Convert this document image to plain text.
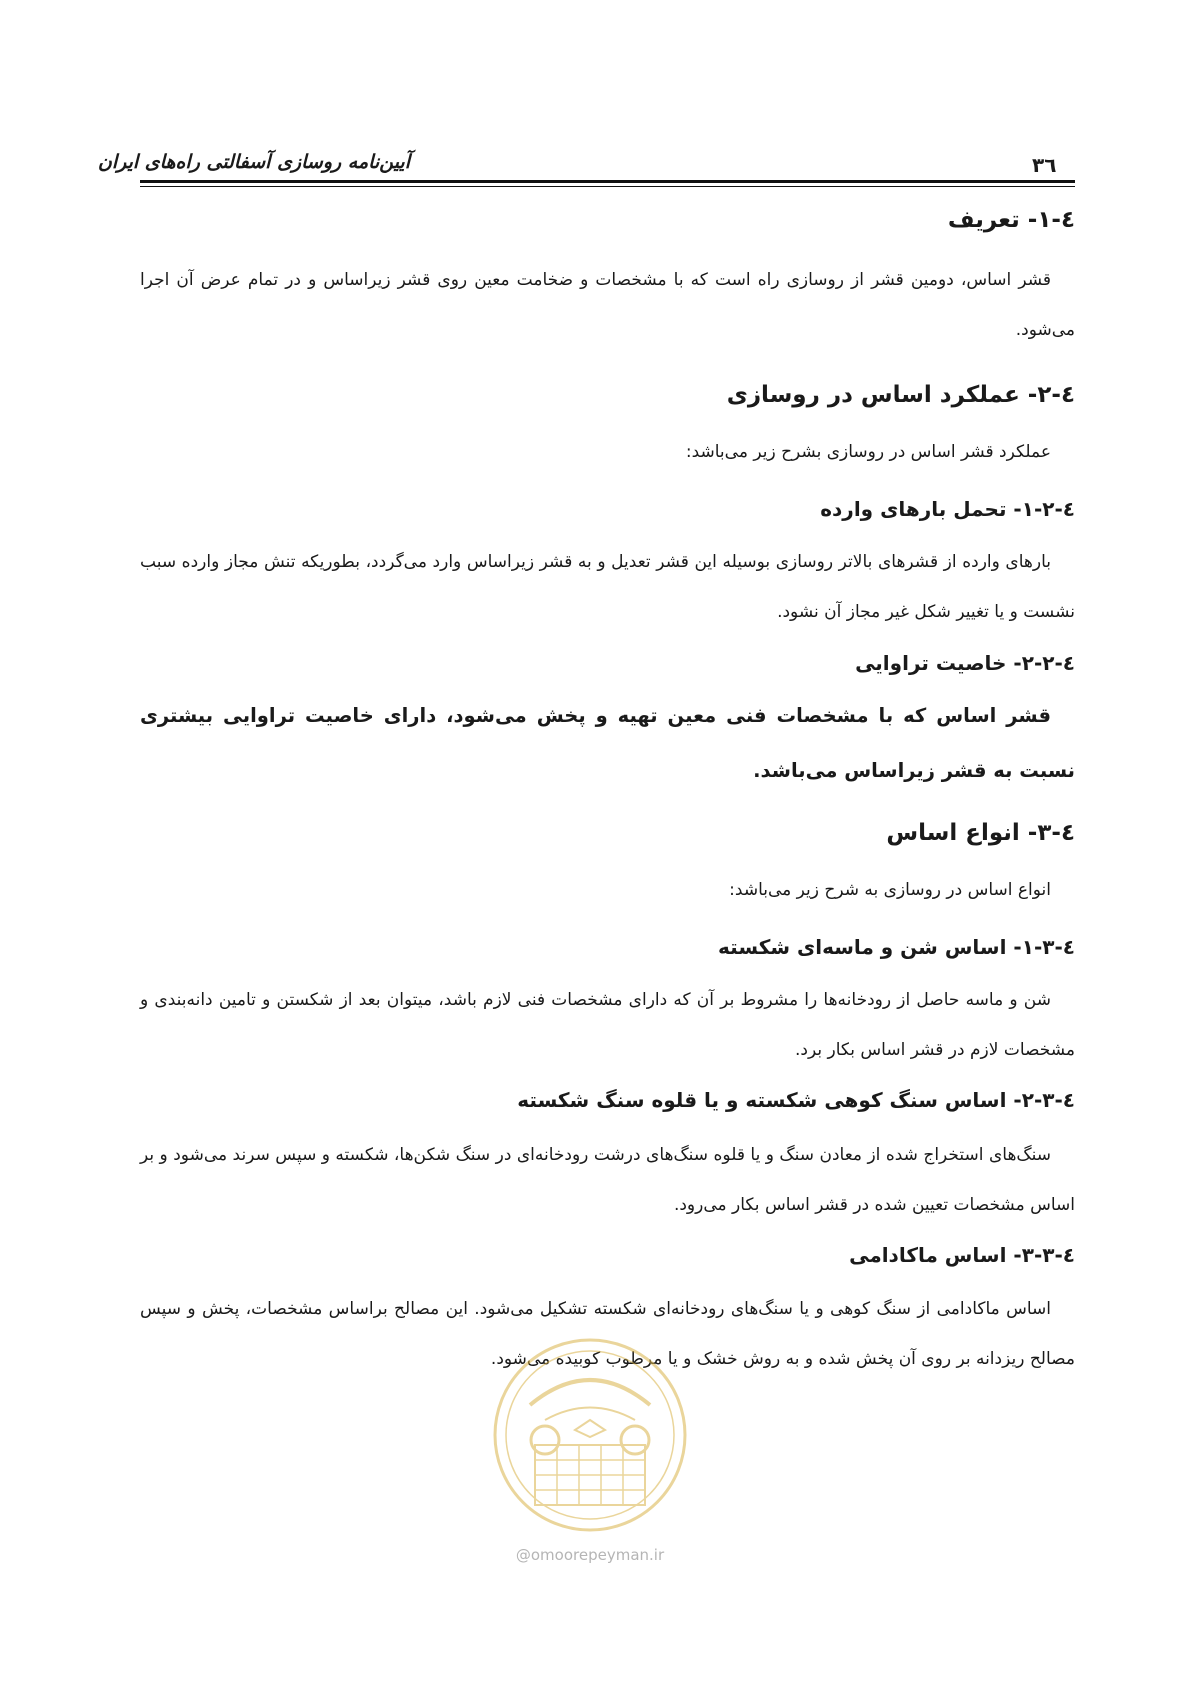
آیین‌نامه روسازی آسفالتی راه‌های ایران	۳٦
٤-١- تعریف
قشر اساس، دومین قشر از روسازی راه است که با مشخصات و ضخامت معین روی قشر زیراساس و در تمام عرض آن اجرا می‌شود.
٤-٢- عملکرد اساس در روسازی
عملکرد قشر اساس در روسازی بشرح زیر می‌باشد:
٤-٢-١- تحمل بارهای وارده
بارهای وارده از قشرهای بالاتر روسازی بوسیله این قشر تعدیل و به قشر زیراساس وارد می‌گردد، بطوریکه تنش مجاز وارده سبب نشست و یا تغییر شکل غیر مجاز آن نشود.
٤-٢-٢- خاصیت تراوایی
قشر اساس که با مشخصات فنی معین تهیه و پخش می‌شود، دارای خاصیت تراوایی بیشتری نسبت به قشر زیراساس می‌باشد.
٤-٣- انواع اساس
انواع اساس در روسازی به شرح زیر می‌باشد:
٤-٣-١- اساس شن و ماسه‌ای شکسته
شن و ماسه حاصل از رودخانه‌ها را مشروط بر آن که دارای مشخصات فنی لازم باشد، میتوان بعد از شکستن و تامین دانه‌بندی و مشخصات لازم در قشر اساس بکار برد.
٤-٣-٢- اساس سنگ کوهی شکسته و یا قلوه سنگ شکسته
سنگ‌های استخراج شده از معادن سنگ و یا قلوه سنگ‌های درشت رودخانه‌ای در سنگ شکن‌ها، شکسته و سپس سرند می‌شود و بر اساس مشخصات تعیین شده در قشر اساس بکار می‌رود.
٤-٣-٣- اساس ماکادامی
اساس ماکادامی از سنگ کوهی و یا سنگ‌های رودخانه‌ای شکسته تشکیل می‌شود. این مصالح براساس مشخصات، پخش و سپس مصالح ریزدانه بر روی آن پخش شده و به روش خشک و یا مرطوب کوبیده می‌شود.
@omoorepeyman.ir
